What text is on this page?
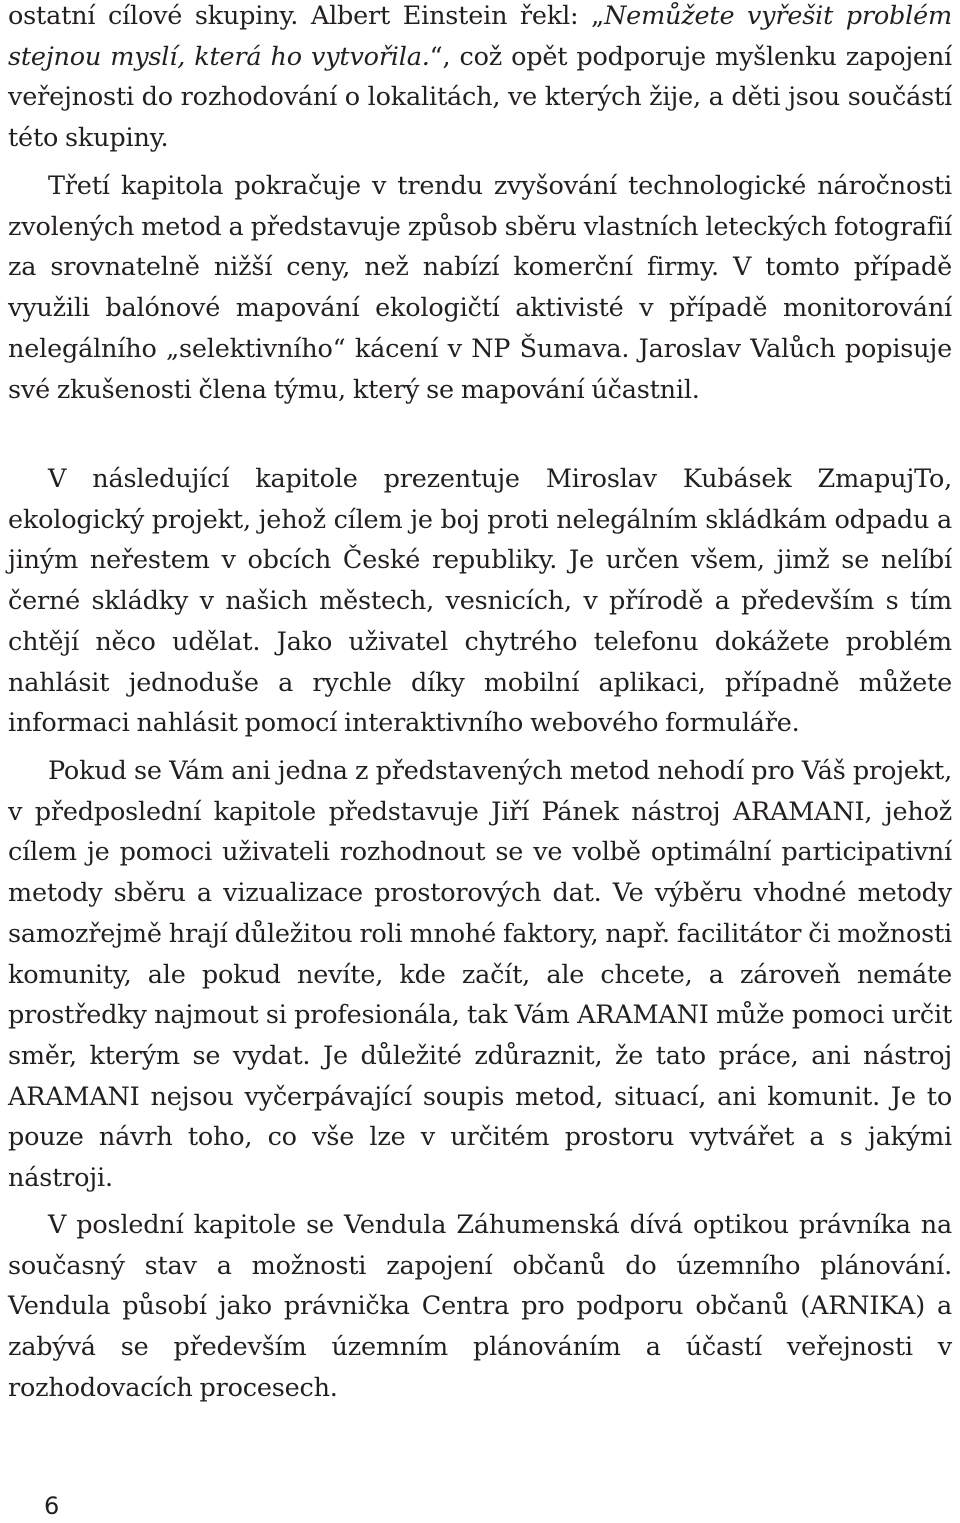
ostatní cílové skupiny. Albert Einstein řekl: „Nemůžete vyřešit problém stejnou myslí, která ho vytvořila.“, což opět podporuje myšlenku zapojení veřejnosti do rozhodování o lokalitách, ve kterých žije, a děti jsou součástí této skupiny.

Třetí kapitola pokračuje v trendu zvyšování technologické náročnosti zvolených metod a představuje způsob sběru vlastních leteckých fotografií za srovnatelně nižší ceny, než nabízí komerční firmy. V tomto případě využili balónové mapování ekologičtí aktivisté v případě monitorování nelegálního „selektivního“ kácení v NP Šumava. Jaroslav Valůch popisuje své zkušenosti člena týmu, který se mapování účastnil.

V následující kapitole prezentuje Miroslav Kubásek ZmapujTo, ekologický projekt, jehož cílem je boj proti nelegálním skládkám odpadu a jiným neřestem v obcích České republiky. Je určen všem, jimž se nelíbí černé skládky v našich městech, vesnicích, v přírodě a především s tím chtějí něco udělat. Jako uživatel chytrého telefonu dokážete problém nahlásit jednoduše a rychle díky mobilní aplikaci, případně můžete informaci nahlásit pomocí interaktivního webového formuláře.

Pokud se Vám ani jedna z představených metod nehodí pro Váš projekt, v předposlední kapitole představuje Jiří Pánek nástroj ARAMANI, jehož cílem je pomoci uživateli rozhodnout se ve volbě optimální participativní metody sběru a vizualizace prostorových dat. Ve výběru vhodné metody samozřejmě hrají důležitou roli mnohé faktory, např. facilitátor či možnosti komunity, ale pokud nevíte, kde začít, ale chcete, a zároveň nemáte prostředky najmout si profesionála, tak Vám ARAMANI může pomoci určit směr, kterým se vydat. Je důležité zdůraznit, že tato práce, ani nástroj ARAMANI nejsou vyčerpávající soupis metod, situací, ani komunit. Je to pouze návrh toho, co vše lze v určitém prostoru vytvářet a s jakými nástroji.

V poslední kapitole se Vendula Záhumenská dívá optikou právníka na současný stav a možnosti zapojení občanů do územního plánování. Vendula působí jako právnička Centra pro podporu občanů (ARNIKA) a zabývá se především územním plánováním a účastí veřejnosti v rozhodovacích procesech.

6
